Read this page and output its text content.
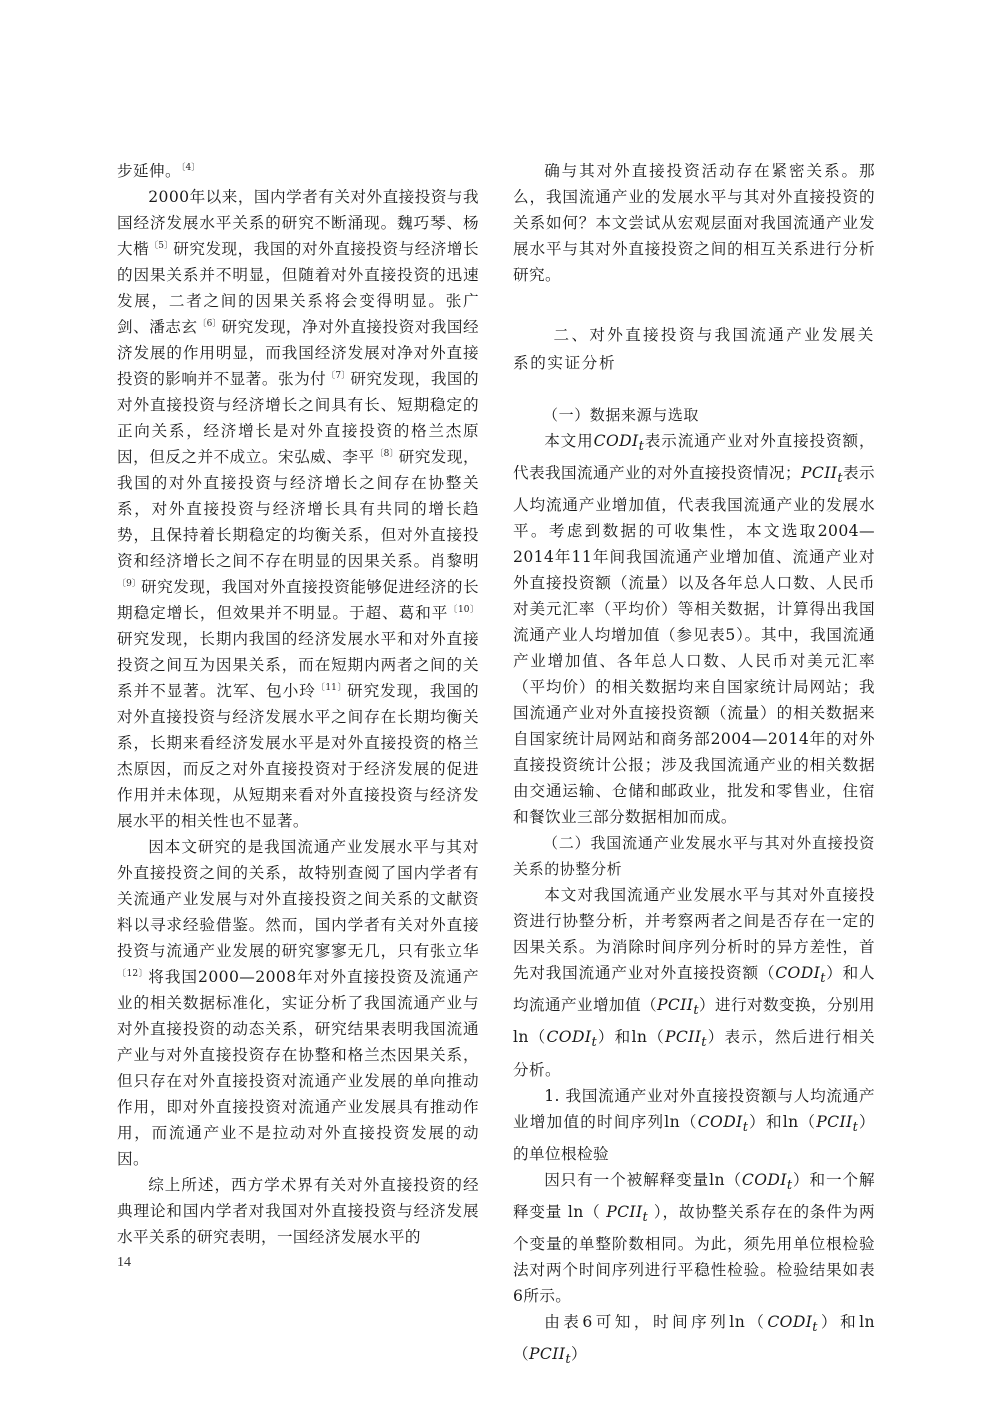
步延伸。$^{〔4〕}$

2000年以来，国内学者有关对外直接投资与我国经济发展水平关系的研究不断涌现。魏巧琴、杨大楷$^{〔5〕}$研究发现，我国的对外直接投资与经济增长的因果关系并不明显，但随着对外直接投资的迅速发展，二者之间的因果关系将会变得明显。张广剑、潘志玄$^{〔6〕}$研究发现，净对外直接投资对我国经济发展的作用明显，而我国经济发展对净对外直接投资的影响并不显著。张为付$^{〔7〕}$研究发现，我国的对外直接投资与经济增长之间具有长、短期稳定的正向关系，经济增长是对外直接投资的格兰杰原因，但反之并不成立。宋弘威、李平$^{〔8〕}$研究发现，我国的对外直接投资与经济增长之间存在协整关系，对外直接投资与经济增长具有共同的增长趋势，且保持着长期稳定的均衡关系，但对外直接投资和经济增长之间不存在明显的因果关系。肖黎明$^{〔9〕}$研究发现，我国对外直接投资能够促进经济的长期稳定增长，但效果并不明显。于超、葛和平$^{〔10〕}$研究发现，长期内我国的经济发展水平和对外直接投资之间互为因果关系，而在短期内两者之间的关系并不显著。沈军、包小玲$^{〔11〕}$研究发现，我国的对外直接投资与经济发展水平之间存在长期均衡关系，长期来看经济发展水平是对外直接投资的格兰杰原因，而反之对外直接投资对于经济发展的促进作用并未体现，从短期来看对外直接投资与经济发展水平的相关性也不显著。

因本文研究的是我国流通产业发展水平与其对外直接投资之间的关系，故特别查阅了国内学者有关流通产业发展与对外直接投资之间关系的文献资料以寻求经验借鉴。然而，国内学者有关对外直接投资与流通产业发展的研究寥寥无几，只有张立华$^{〔12〕}$将我国2000—2008年对外直接投资及流通产业的相关数据标准化，实证分析了我国流通产业与对外直接投资的动态关系，研究结果表明我国流通产业与对外直接投资存在协整和格兰杰因果关系，但只存在对外直接投资对流通产业发展的单向推动作用，即对外直接投资对流通产业发展具有推动作用，而流通产业不是拉动对外直接投资发展的动因。

综上所述，西方学术界有关对外直接投资的经典理论和国内学者对我国对外直接投资与经济发展水平关系的研究表明，一国经济发展水平的

确与其对外直接投资活动存在紧密关系。那么，我国流通产业的发展水平与其对外直接投资的关系如何？本文尝试从宏观层面对我国流通产业发展水平与其对外直接投资之间的相互关系进行分析研究。

二、对外直接投资与我国流通产业发展关系的实证分析

（一）数据来源与选取

本文用$CODI_t$表示流通产业对外直接投资额，代表我国流通产业的对外直接投资情况；$PCII_t$表示人均流通产业增加值，代表我国流通产业的发展水平。考虑到数据的可收集性，本文选取2004—2014年11年间我国流通产业增加值、流通产业对外直接投资额（流量）以及各年总人口数、人民币对美元汇率（平均价）等相关数据，计算得出我国流通产业人均增加值（参见表5）。其中，我国流通产业增加值、各年总人口数、人民币对美元汇率（平均价）的相关数据均来自国家统计局网站；我国流通产业对外直接投资额（流量）的相关数据来自国家统计局网站和商务部2004—2014年的对外直接投资统计公报；涉及我国流通产业的相关数据由交通运输、仓储和邮政业，批发和零售业，住宿和餐饮业三部分数据相加而成。

（二）我国流通产业发展水平与其对外直接投资关系的协整分析

本文对我国流通产业发展水平与其对外直接投资进行协整分析，并考察两者之间是否存在一定的因果关系。为消除时间序列分析时的异方差性，首先对我国流通产业对外直接投资额$(CODI_t)$和人均流通产业增加值$(PCII_t)$进行对数变换，分别用$\ln(CODI_t)$和$\ln(PCII_t)$表示，然后进行相关分析。

1. 我国流通产业对外直接投资额与人均流通产业增加值的时间序列$\ln(CODI_t)$和$\ln(PCII_t)$的单位根检验

因只有一个被解释变量$\ln(CODI_t)$和一个解释变量 ln（ $PCII_t$ ），故协整关系存在的条件为两个变量的单整阶数相同。为此，须先用单位根检验法对两个时间序列进行平稳性检验。检验结果如表6所示。

由表6可知，时间序列$\ln(CODI_t)$和$\ln(PCII_t)$

14
